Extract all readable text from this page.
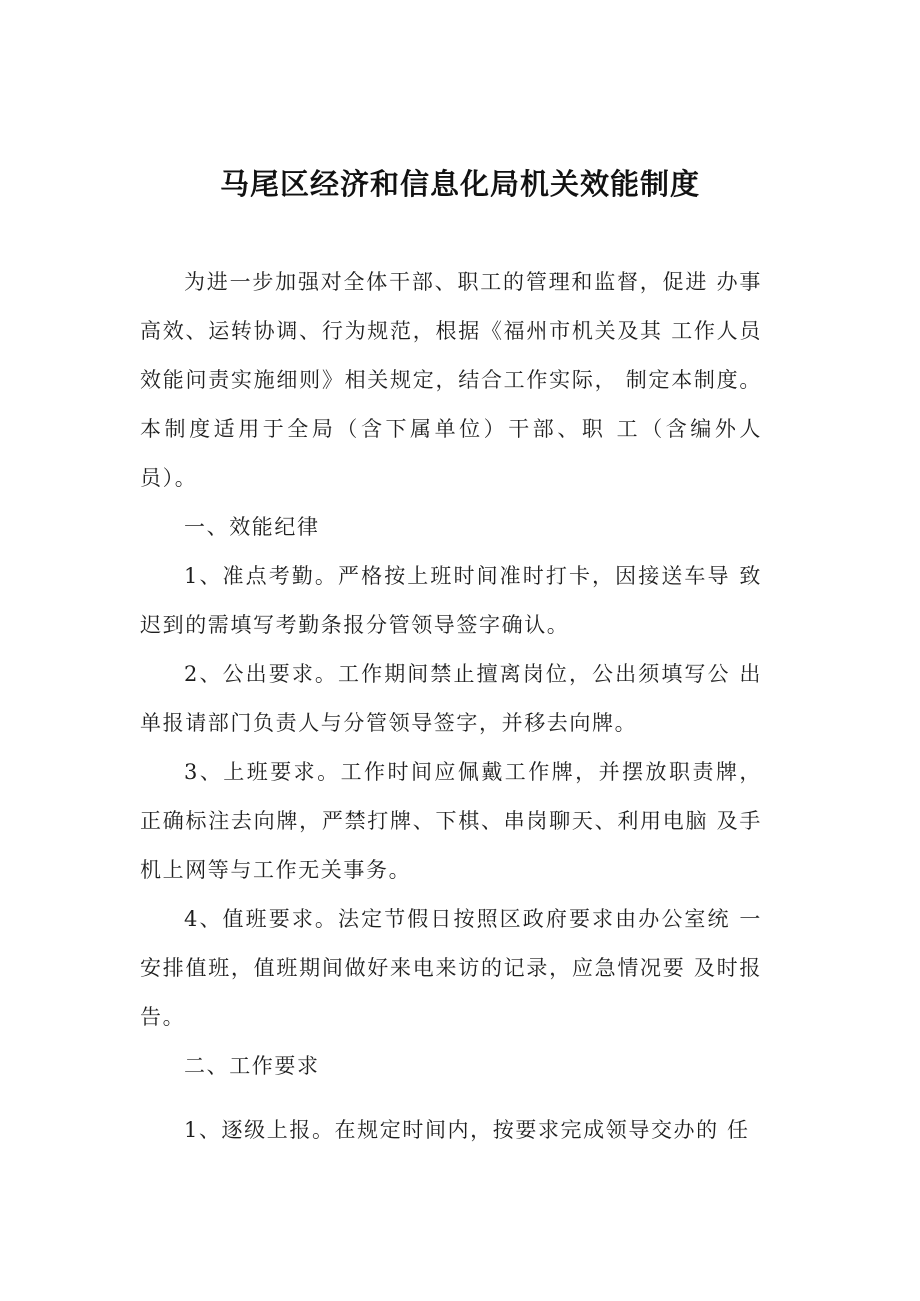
马尾区经济和信息化局机关效能制度

为进一步加强对全体干部、职工的管理和监督，促进 办事高效、运转协调、行为规范，根据《福州市机关及其 工作人员效能问责实施细则》相关规定，结合工作实际， 制定本制度。本制度适用于全局（含下属单位）干部、职 工（含编外人员）。

一、效能纪律

1、准点考勤。严格按上班时间准时打卡，因接送车导 致迟到的需填写考勤条报分管领导签字确认。

2、公出要求。工作期间禁止擅离岗位，公出须填写公 出单报请部门负责人与分管领导签字，并移去向牌。

3、上班要求。工作时间应佩戴工作牌，并摆放职责牌，正确标注去向牌，严禁打牌、下棋、串岗聊天、利用电脑 及手机上网等与工作无关事务。

4、值班要求。法定节假日按照区政府要求由办公室统 一安排值班，值班期间做好来电来访的记录，应急情况要 及时报告。

二、工作要求

1、逐级上报。在规定时间内，按要求完成领导交办的 任
